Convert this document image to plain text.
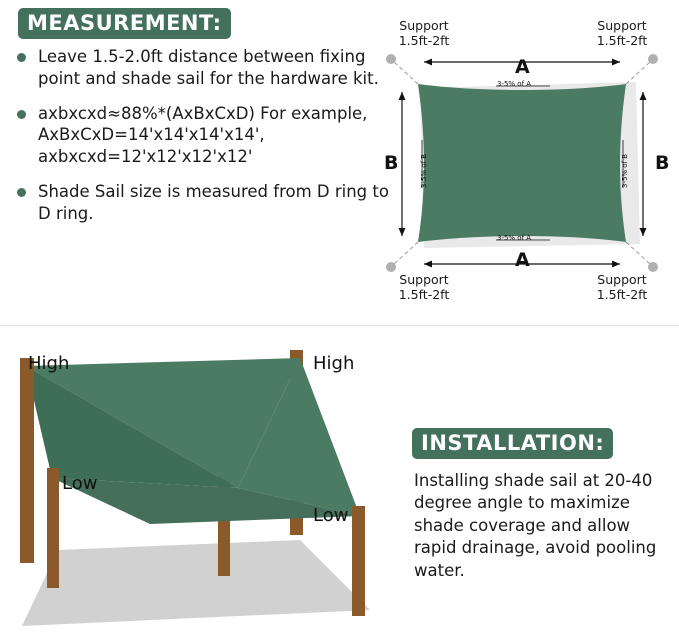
MEASUREMENT:
Leave 1.5-2.0ft distance between fixing point and shade sail for the hardware kit.
axbxcxd≈88%*(AxBxCxD) For example, AxBxCxD=14'x14'x14'x14', axbxcxd=12'x12'x12'x12'
Shade Sail size is measured from D ring to D ring.
Support
1.5ft-2ft
Support
1.5ft-2ft
Support
1.5ft-2ft
Support
1.5ft-2ft
A
A
B	B
3-5% of A
3-5% of A
3-5% of B	3-5% of B
High	High
Low
Low
INSTALLATION:
Installing shade sail at 20-40 degree angle to maximize shade coverage and allow rapid drainage, avoid pooling water.
